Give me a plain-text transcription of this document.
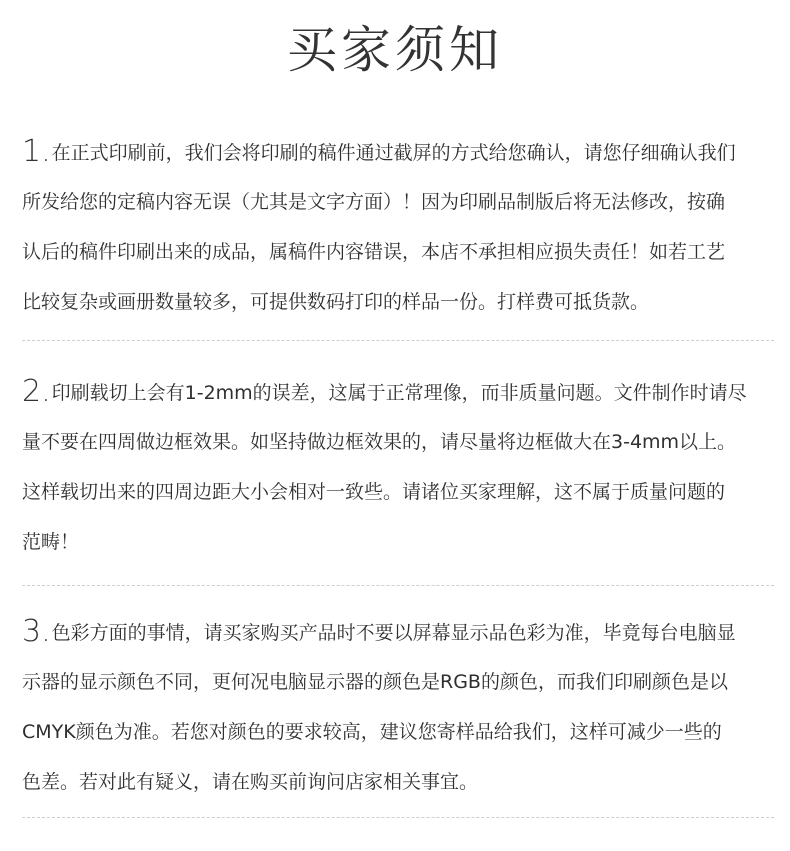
买家须知
1.在正式印刷前，我们会将印刷的稿件通过截屏的方式给您确认，请您仔细确认我们
所发给您的定稿内容无误（尤其是文字方面）！因为印刷品制版后将无法修改，按确
认后的稿件印刷出来的成品，属稿件内容错误，本店不承担相应损失责任！如若工艺
比较复杂或画册数量较多，可提供数码打印的样品一份。打样费可抵货款。
2.印刷载切上会有1-2mm的误差，这属于正常理像，而非质量问题。文件制作时请尽
量不要在四周做边框效果。如坚持做边框效果的，请尽量将边框做大在3-4mm以上。
这样载切出来的四周边距大小会相对一致些。请诸位买家理解，这不属于质量问题的
范畴！
3.色彩方面的事情，请买家购买产品时不要以屏幕显示品色彩为准，毕竟每台电脑显
示器的显示颜色不同，更何况电脑显示器的颜色是RGB的颜色，而我们印刷颜色是以
CMYK颜色为准。若您对颜色的要求较高，建议您寄样品给我们，这样可减少一些的
色差。若对此有疑义，请在购买前询问店家相关事宜。
